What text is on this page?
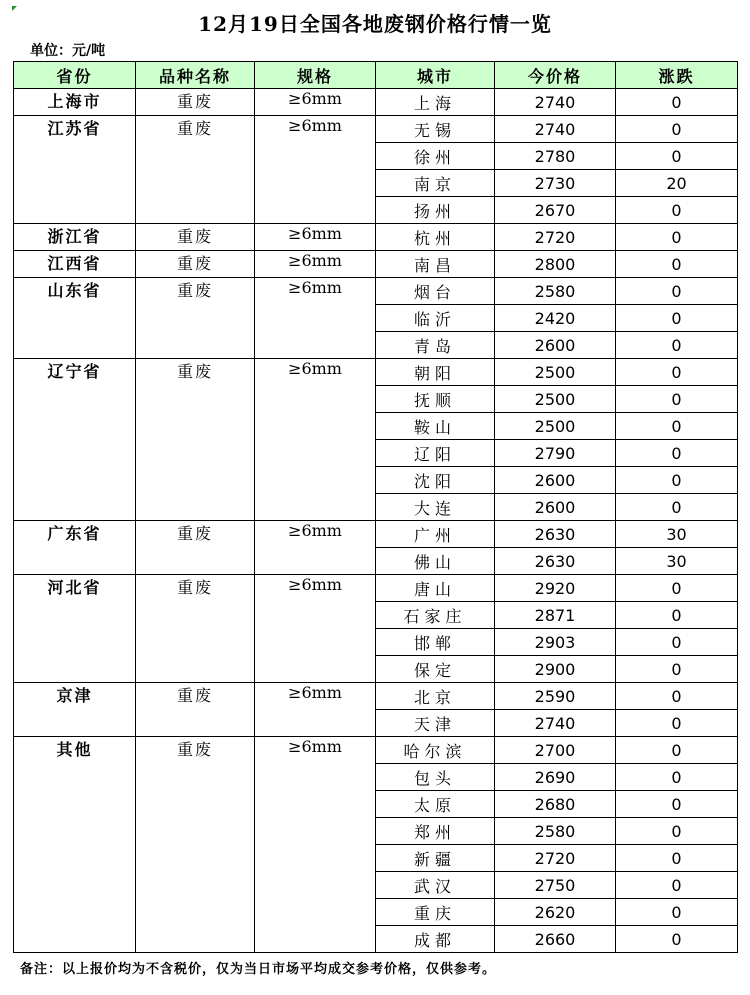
12月19日全国各地废钢价格行情一览
单位：元/吨
省份	品种名称	规格	城市	今价格	涨跌
上海市	重废	≥6mm	上海	2740	0
江苏省	重废	≥6mm	无锡	2740	0
			徐州	2780	0
			南京	2730	20
			扬州	2670	0
浙江省	重废	≥6mm	杭州	2720	0
江西省	重废	≥6mm	南昌	2800	0
山东省	重废	≥6mm	烟台	2580	0
			临沂	2420	0
			青岛	2600	0
辽宁省	重废	≥6mm	朝阳	2500	0
			抚顺	2500	0
			鞍山	2500	0
			辽阳	2790	0
			沈阳	2600	0
			大连	2600	0
广东省	重废	≥6mm	广州	2630	30
			佛山	2630	30
河北省	重废	≥6mm	唐山	2920	0
			石家庄	2871	0
			邯郸	2903	0
			保定	2900	0
京津	重废	≥6mm	北京	2590	0
			天津	2740	0
其他	重废	≥6mm	哈尔滨	2700	0
			包头	2690	0
			太原	2680	0
			郑州	2580	0
			新疆	2720	0
			武汉	2750	0
			重庆	2620	0
			成都	2660	0
备注：以上报价均为不含税价，仅为当日市场平均成交参考价格，仅供参考。
